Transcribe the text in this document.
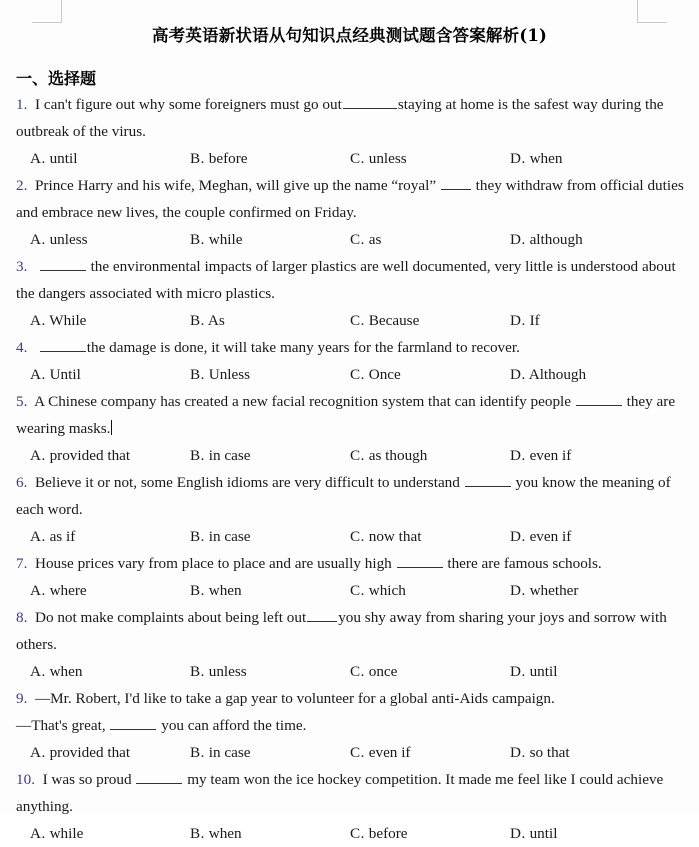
高考英语新状语从句知识点经典测试题含答案解析(1)
一、选择题
1. I can't figure out why some foreigners must go out	staying at home is the safest way during the outbreak of the virus.
A. until	B. before	C. unless	D. when
2. Prince Harry and his wife, Meghan, will give up the name “royal”  they withdraw from official duties and embrace new lives, the couple confirmed on Friday.
A. unless	B. while	C. as	D. although
3.	the environmental impacts of larger plastics are well documented, very little is understood about the dangers associated with micro plastics.
A. While	B. As	C. Because	D. If
4.	the damage is done, it will take many years for the farmland to recover.
A. Until	B. Unless	C. Once	D. Although
5. A Chinese company has created a new facial recognition system that can identify people	they are wearing masks.
A. provided that	B. in case	C. as though	D. even if
6. Believe it or not, some English idioms are very difficult to understand	you know the meaning of each word.
A. as if	B. in case	C. now that	D. even if
7. House prices vary from place to place and are usually high	there are famous schools.
A. where	B. when	C. which	D. whether
8. Do not make complaints about being left out you shy away from sharing your joys and sorrow with others.
A. when	B. unless	C. once	D. until
9. —Mr. Robert, I'd like to take a gap year to volunteer for a global anti-Aids campaign.
—That's great,	you can afford the time.
A. provided that	B. in case	C. even if	D. so that
10. I was so proud	my team won the ice hockey competition. It made me feel like I could achieve anything.
A. while	B. when	C. before	D. until
